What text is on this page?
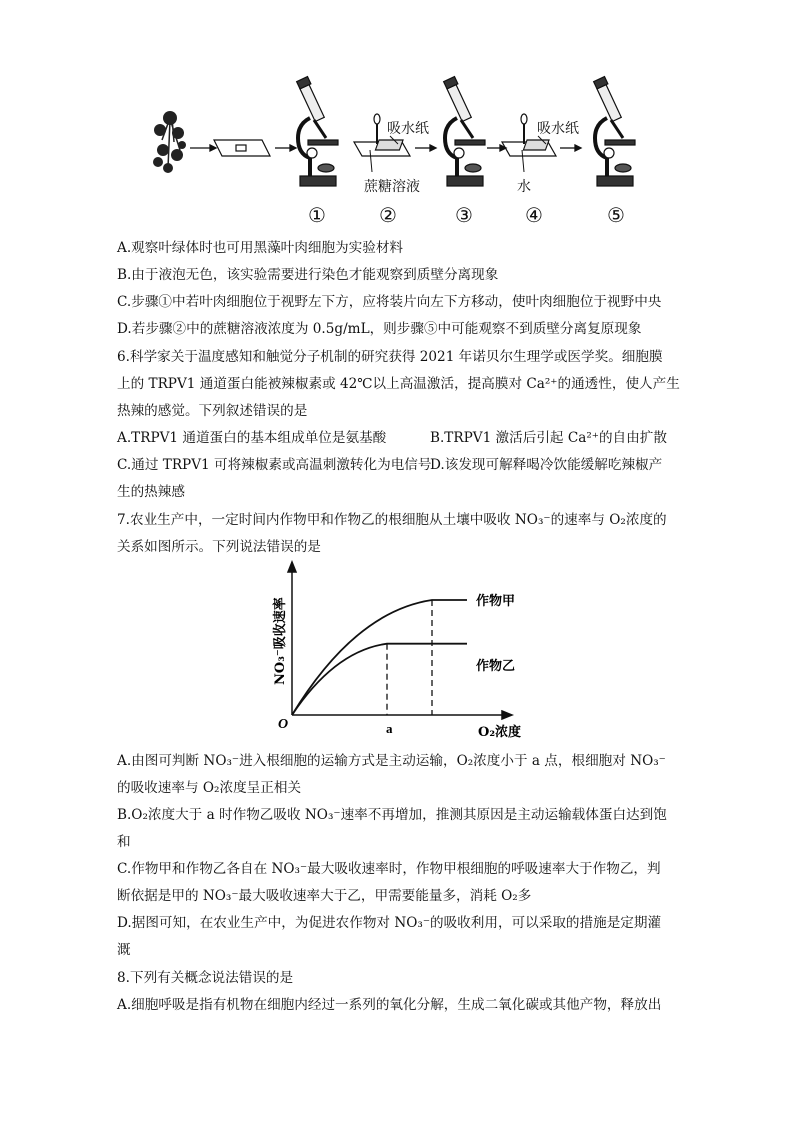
吸水纸
蔗糖溶液
吸水纸
水
①	②	③	④	⑤
A.观察叶绿体时也可用黑藻叶肉细胞为实验材料
B.由于液泡无色，该实验需要进行染色才能观察到质壁分离现象
C.步骤①中若叶肉细胞位于视野左下方，应将装片向左下方移动，使叶肉细胞位于视野中央
D.若步骤②中的蔗糖溶液浓度为 0.5g/mL，则步骤⑤中可能观察不到质壁分离复原现象
6.科学家关于温度感知和触觉分子机制的研究获得 2021 年诺贝尔生理学或医学奖。细胞膜
上的 TRPV1 通道蛋白能被辣椒素或 42℃以上高温激活，提高膜对 Ca²⁺的通透性，使人产生
热辣的感觉。下列叙述错误的是
A.TRPV1 通道蛋白的基本组成单位是氨基酸	B.TRPV1 激活后引起 Ca²⁺的自由扩散
C.通过 TRPV1 可将辣椒素或高温刺激转化为电信号
D.该发现可解释喝冷饮能缓解吃辣椒产
生的热辣感
7.农业生产中，一定时间内作物甲和作物乙的根细胞从土壤中吸收 NO₃⁻的速率与 O₂浓度的
关系如图所示。下列说法错误的是
O	a	O₂浓度
NO₃⁻吸收速率	作物甲
作物乙
A.由图可判断 NO₃⁻进入根细胞的运输方式是主动运输，O₂浓度小于 a 点，根细胞对 NO₃⁻
的吸收速率与 O₂浓度呈正相关
B.O₂浓度大于 a 时作物乙吸收 NO₃⁻速率不再增加，推测其原因是主动运输载体蛋白达到饱
和
C.作物甲和作物乙各自在 NO₃⁻最大吸收速率时，作物甲根细胞的呼吸速率大于作物乙，判
断依据是甲的 NO₃⁻最大吸收速率大于乙，甲需要能量多，消耗 O₂多
D.据图可知，在农业生产中，为促进农作物对 NO₃⁻的吸收利用，可以采取的措施是定期灌
溉
8.下列有关概念说法错误的是
A.细胞呼吸是指有机物在细胞内经过一系列的氧化分解，生成二氧化碳或其他产物，释放出
